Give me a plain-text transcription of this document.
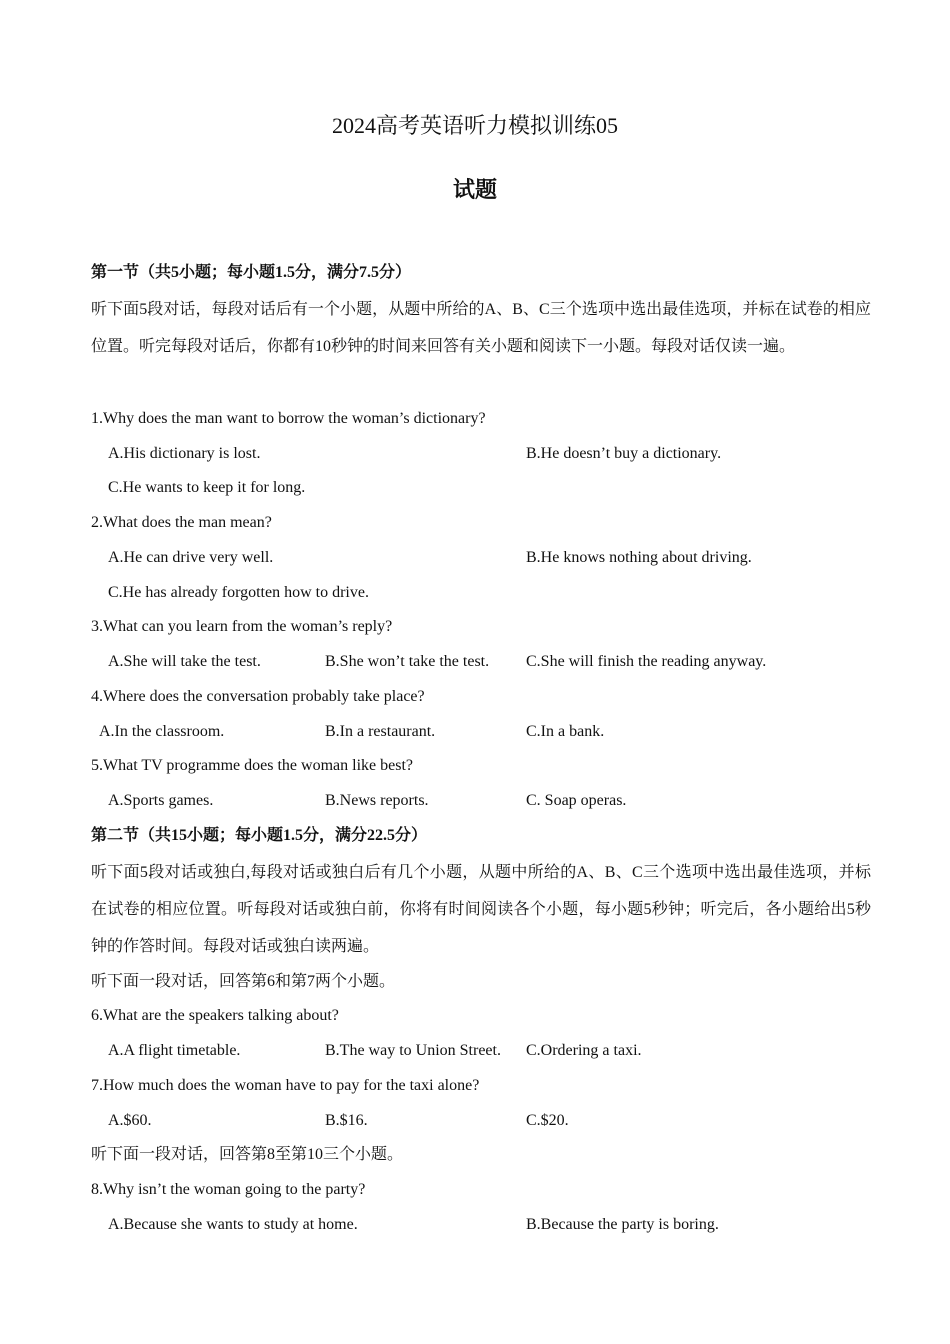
2024高考英语听力模拟训练05
试题
第一节（共5小题；每小题1.5分，满分7.5分）

听下面5段对话，每段对话后有一个小题，从题中所给的A、B、C三个选项中选出最佳选项，并标在试卷的相应位置。听完每段对话后，你都有10秒钟的时间来回答有关小题和阅读下一小题。每段对话仅读一遍。

1.Why does the man want to borrow the woman’s dictionary?
A.His dictionary is lost.	B.He doesn’t buy a dictionary.
C.He wants to keep it for long.
2.What does the man mean?
A.He can drive very well.	B.He knows nothing about driving.
C.He has already forgotten how to drive.
3.What can you learn from the woman’s reply?
A.She will take the test.	B.She won’t take the test. C.She will finish the reading anyway.
4.Where does the conversation probably take place?
A.In the classroom.	B.In a restaurant.	C.In a bank.
5.What TV programme does the woman like best?
A.Sports games.	B.News reports.	C. Soap operas.
第二节（共15小题；每小题1.5分，满分22.5分）

听下面5段对话或独白,每段对话或独白后有几个小题，从题中所给的A、B、C三个选项中选出最佳选项，并标在试卷的相应位置。听每段对话或独白前，你将有时间阅读各个小题，每小题5秒钟；听完后，各小题给出5秒钟的作答时间。每段对话或独白读两遍。

听下面一段对话，回答第6和第7两个小题。
6.What are the speakers talking about?
A.A flight timetable.	B.The way to Union Street. C.Ordering a taxi.
7.How much does the woman have to pay for the taxi alone?
A.$60.	B.$16.	C.$20.
听下面一段对话，回答第8至第10三个小题。
8.Why isn’t the woman going to the party?
A.Because she wants to study at home.	B.Because the party is boring.
